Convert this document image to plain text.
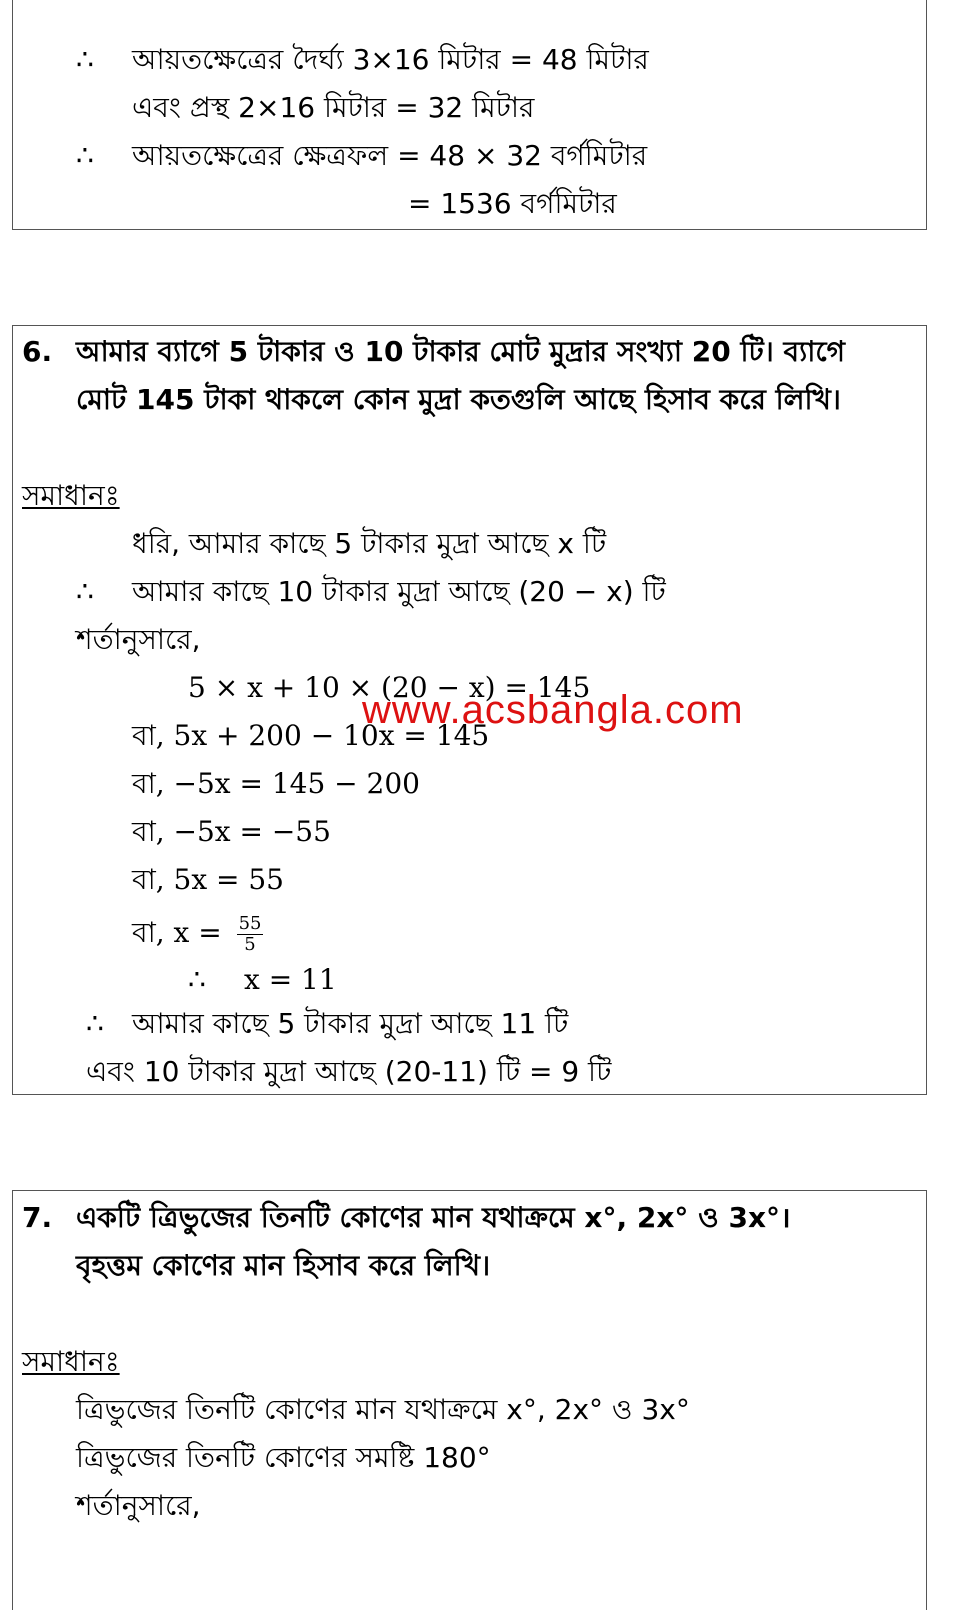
∴ আয়তক্ষেত্রের দৈর্ঘ্য 3×16 মিটার = 48 মিটার
এবং প্রস্থ 2×16 মিটার = 32 মিটার
∴ আয়তক্ষেত্রের ক্ষেত্রফল = 48 × 32 বর্গমিটার
= 1536 বর্গমিটার
6. আমার ব্যাগে 5 টাকার ও 10 টাকার মোট মুদ্রার সংখ্যা 20 টি। ব্যাগে
মোট 145 টাকা থাকলে কোন মুদ্রা কতগুলি আছে হিসাব করে লিখি।
সমাধানঃ
ধরি, আমার কাছে 5 টাকার মুদ্রা আছে x টি
∴ আমার কাছে 10 টাকার মুদ্রা আছে (20 − x) টি
শর্তানুসারে,
5 × x + 10 × (20 − x) = 145
বা, 5x + 200 − 10x = 145
বা, −5x = 145 − 200
বা, −5x = −55
বা, 5x = 55
বা, $x = \frac{55}{5}$
∴ x = 11
∴ আমার কাছে 5 টাকার মুদ্রা আছে 11 টি
এবং 10 টাকার মুদ্রা আছে (20-11) টি = 9 টি
7. একটি ত্রিভুজের তিনটি কোণের মান যথাক্রমে x°, 2x° ও 3x°।
বৃহত্তম কোণের মান হিসাব করে লিখি।
সমাধানঃ
ত্রিভুজের তিনটি কোণের মান যথাক্রমে x°, 2x° ও 3x°
ত্রিভুজের তিনটি কোণের সমষ্টি 180°
শর্তানুসারে,
www.acsbangla.com
